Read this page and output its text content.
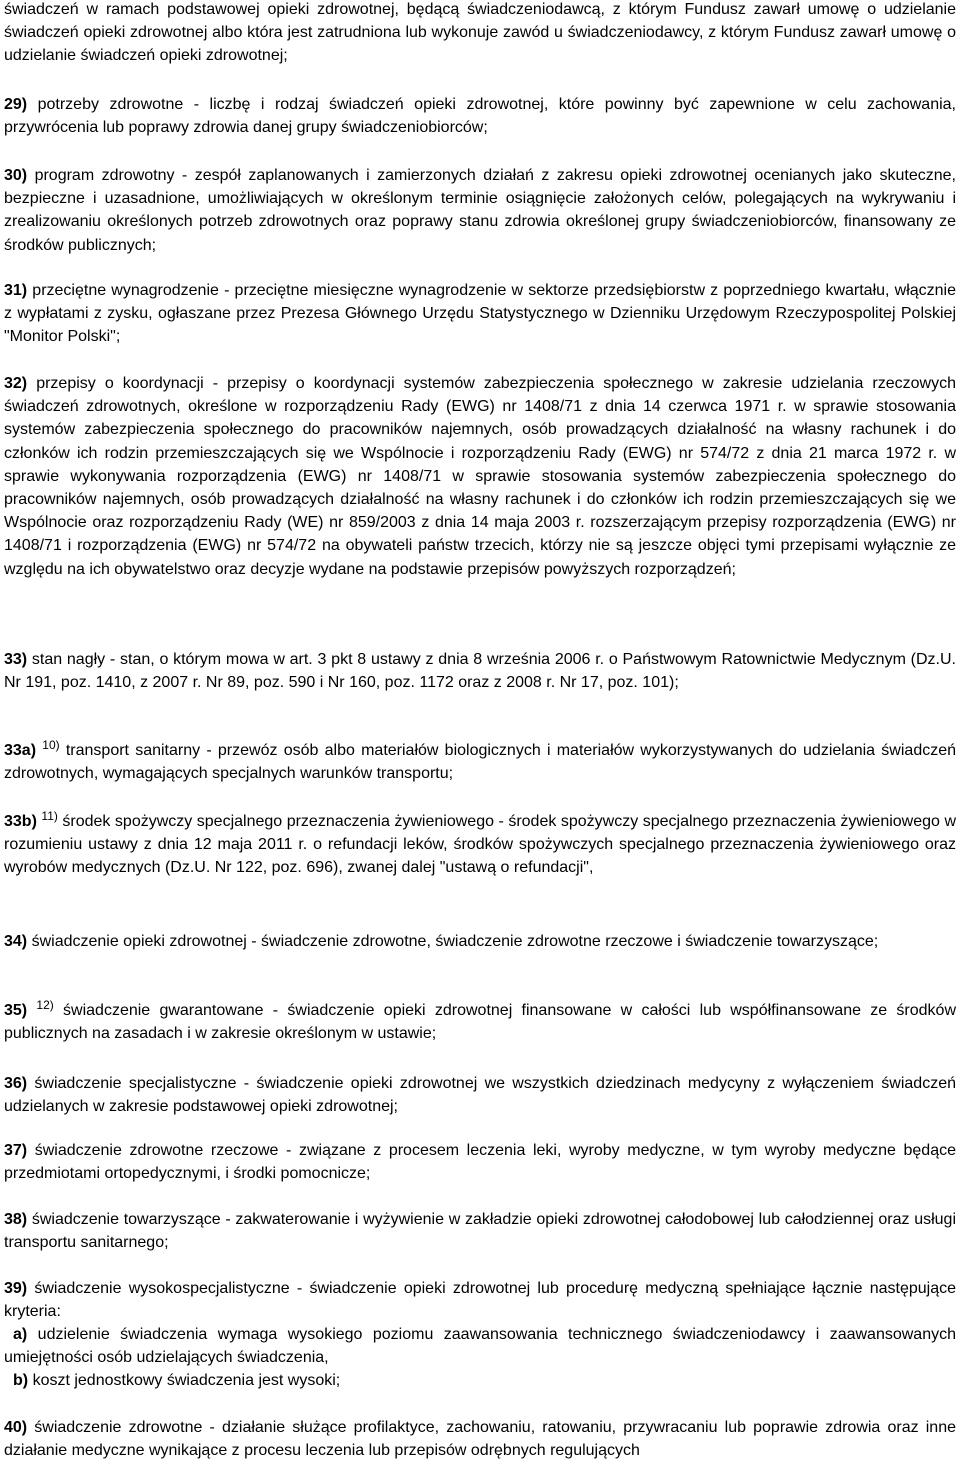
świadczeń w ramach podstawowej opieki zdrowotnej, będącą świadczeniodawcą, z którym Fundusz zawarł umowę o udzielanie świadczeń opieki zdrowotnej albo która jest zatrudniona lub wykonuje zawód u świadczeniodawcy, z którym Fundusz zawarł umowę o udzielanie świadczeń opieki zdrowotnej;

29) potrzeby zdrowotne - liczbę i rodzaj świadczeń opieki zdrowotnej, które powinny być zapewnione w celu zachowania, przywrócenia lub poprawy zdrowia danej grupy świadczeniobiorców;

30) program zdrowotny - zespół zaplanowanych i zamierzonych działań z zakresu opieki zdrowotnej ocenianych jako skuteczne, bezpieczne i uzasadnione, umożliwiających w określonym terminie osiągnięcie założonych celów, polegających na wykrywaniu i zrealizowaniu określonych potrzeb zdrowotnych oraz poprawy stanu zdrowia określonej grupy świadczeniobiorców, finansowany ze środków publicznych;

31) przeciętne wynagrodzenie - przeciętne miesięczne wynagrodzenie w sektorze przedsiębiorstw z poprzedniego kwartału, włącznie z wypłatami z zysku, ogłaszane przez Prezesa Głównego Urzędu Statystycznego w Dzienniku Urzędowym Rzeczypospolitej Polskiej "Monitor Polski";

32) przepisy o koordynacji - przepisy o koordynacji systemów zabezpieczenia społecznego w zakresie udzielania rzeczowych świadczeń zdrowotnych, określone w rozporządzeniu Rady (EWG) nr 1408/71 z dnia 14 czerwca 1971 r. w sprawie stosowania systemów zabezpieczenia społecznego do pracowników najemnych, osób prowadzących działalność na własny rachunek i do członków ich rodzin przemieszczających się we Wspólnocie i rozporządzeniu Rady (EWG) nr 574/72 z dnia 21 marca 1972 r. w sprawie wykonywania rozporządzenia (EWG) nr 1408/71 w sprawie stosowania systemów zabezpieczenia społecznego do pracowników najemnych, osób prowadzących działalność na własny rachunek i do członków ich rodzin przemieszczających się we Wspólnocie oraz rozporządzeniu Rady (WE) nr 859/2003 z dnia 14 maja 2003 r. rozszerzającym przepisy rozporządzenia (EWG) nr 1408/71 i rozporządzenia (EWG) nr 574/72 na obywateli państw trzecich, którzy nie są jeszcze objęci tymi przepisami wyłącznie ze względu na ich obywatelstwo oraz decyzje wydane na podstawie przepisów powyższych rozporządzeń;

33) stan nagły - stan, o którym mowa w art. 3 pkt 8 ustawy z dnia 8 września 2006 r. o Państwowym Ratownictwie Medycznym (Dz.U. Nr 191, poz. 1410, z 2007 r. Nr 89, poz. 590 i Nr 160, poz. 1172 oraz z 2008 r. Nr 17, poz. 101);

33a) $^{10)}$ transport sanitarny - przewóz osób albo materiałów biologicznych i materiałów wykorzystywanych do udzielania świadczeń zdrowotnych, wymagających specjalnych warunków transportu;

33b) $^{11)}$ środek spożywczy specjalnego przeznaczenia żywieniowego - środek spożywczy specjalnego przeznaczenia żywieniowego w rozumieniu ustawy z dnia 12 maja 2011 r. o refundacji leków, środków spożywczych specjalnego przeznaczenia żywieniowego oraz wyrobów medycznych (Dz.U. Nr 122, poz. 696), zwanej dalej "ustawą o refundacji",

34) świadczenie opieki zdrowotnej - świadczenie zdrowotne, świadczenie zdrowotne rzeczowe i świadczenie towarzyszące;

35) $^{12)}$ świadczenie gwarantowane - świadczenie opieki zdrowotnej finansowane w całości lub współfinansowane ze środków publicznych na zasadach i w zakresie określonym w ustawie;

36) świadczenie specjalistyczne - świadczenie opieki zdrowotnej we wszystkich dziedzinach medycyny z wyłączeniem świadczeń udzielanych w zakresie podstawowej opieki zdrowotnej;

37) świadczenie zdrowotne rzeczowe - związane z procesem leczenia leki, wyroby medyczne, w tym wyroby medyczne będące przedmiotami ortopedycznymi, i środki pomocnicze;

38) świadczenie towarzyszące - zakwaterowanie i wyżywienie w zakładzie opieki zdrowotnej całodobowej lub całodziennej oraz usługi transportu sanitarnego;

39) świadczenie wysokospecjalistyczne - świadczenie opieki zdrowotnej lub procedurę medyczną spełniające łącznie następujące kryteria:

a) udzielenie świadczenia wymaga wysokiego poziomu zaawansowania technicznego świadczeniodawcy i zaawansowanych umiejętności osób udzielających świadczenia,

b) koszt jednostkowy świadczenia jest wysoki;

40) świadczenie zdrowotne - działanie służące profilaktyce, zachowaniu, ratowaniu, przywracaniu lub poprawie zdrowia oraz inne działanie medyczne wynikające z procesu leczenia lub przepisów odrębnych regulujących
